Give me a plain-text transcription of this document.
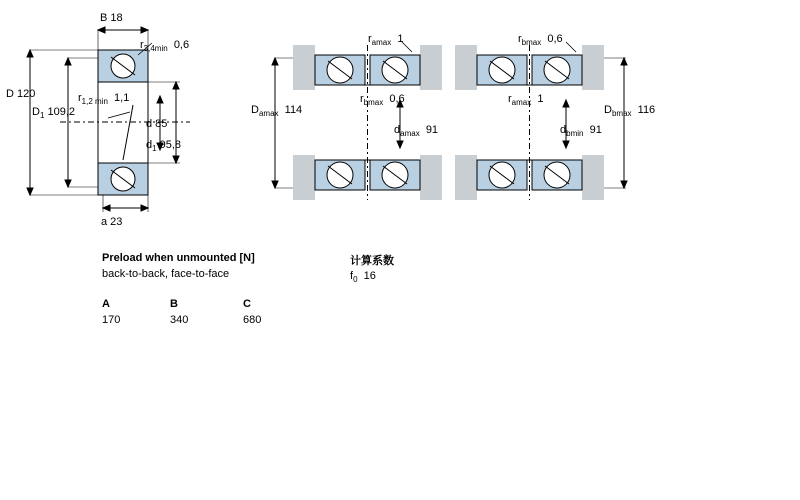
B 18
$r_{3,4min}$ 0,6
D 120
$D_1$ 109,2
$r_{1,2 min}$ 1,1
d 85
$d_1$ 95,8
a 23
$r_{amax}$ 1	$r_{bmax}$ 0,6
$D_{amax}$ 114
$r_{bmax}$ 0,6
$d_{amax}$ 91
$r_{amax}$ 1
$D_{bmax}$ 116
$d_{bmin}$ 91
Preload when unmounted [N]
back-to-back, face-to-face
A	B	C
170	340	680
计算系数
$f_0$ 16
